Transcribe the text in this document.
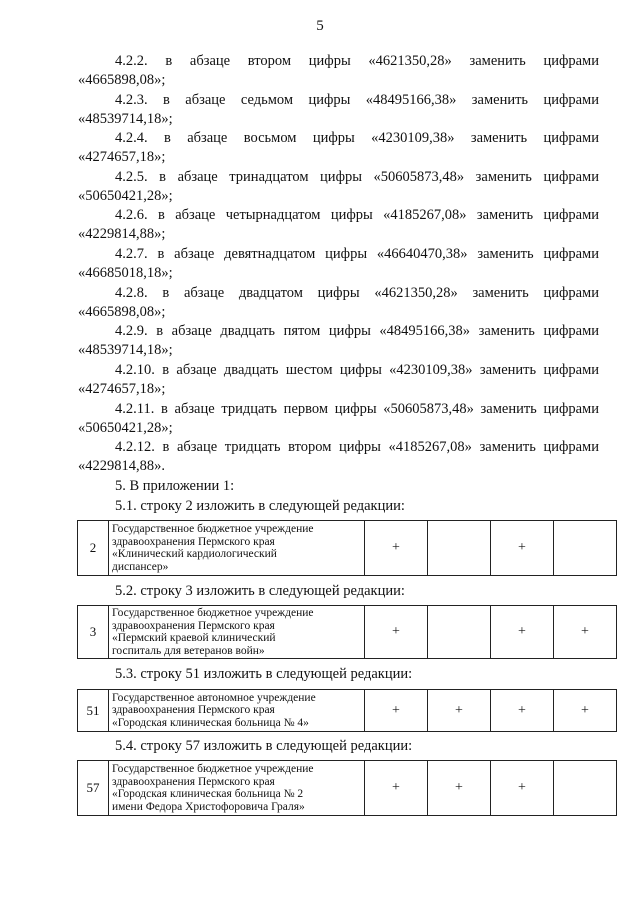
5
4.2.2. в абзаце втором цифры «4621350,28» заменить цифрами
«4665898,08»;
4.2.3. в абзаце седьмом цифры «48495166,38» заменить цифрами
«48539714,18»;
4.2.4. в абзаце восьмом цифры «4230109,38» заменить цифрами
«4274657,18»;
4.2.5. в абзаце тринадцатом цифры «50605873,48» заменить цифрами
«50650421,28»;
4.2.6. в абзаце четырнадцатом цифры «4185267,08» заменить цифрами
«4229814,88»;
4.2.7. в абзаце девятнадцатом цифры «46640470,38» заменить цифрами
«46685018,18»;
4.2.8. в абзаце двадцатом цифры «4621350,28» заменить цифрами
«4665898,08»;
4.2.9. в абзаце двадцать пятом цифры «48495166,38» заменить цифрами
«48539714,18»;
4.2.10. в абзаце двадцать шестом цифры «4230109,38» заменить цифрами
«4274657,18»;
4.2.11. в абзаце тридцать первом цифры «50605873,48» заменить цифрами
«50650421,28»;
4.2.12. в абзаце тридцать втором цифры «4185267,08» заменить цифрами
«4229814,88».
5. В приложении 1:
5.1. строку 2 изложить в следующей редакции:
2	
Государственное бюджетное учреждение
здравоохранения Пермского края
«Клинический кардиологический
диспансер»
	+		+	
5.2. строку 3 изложить в следующей редакции:
3	
Государственное бюджетное учреждение
здравоохранения Пермского края
«Пермский краевой клинический
госпиталь для ветеранов войн»
	+		+	+
5.3. строку 51 изложить в следующей редакции:
51	
Государственное автономное учреждение
здравоохранения Пермского края
«Городская клиническая больница № 4»
	+	+	+	+
5.4. строку 57 изложить в следующей редакции:
57	
Государственное бюджетное учреждение
здравоохранения Пермского края
«Городская клиническая больница № 2
имени Федора Христофоровича Граля»
	+	+	+	
